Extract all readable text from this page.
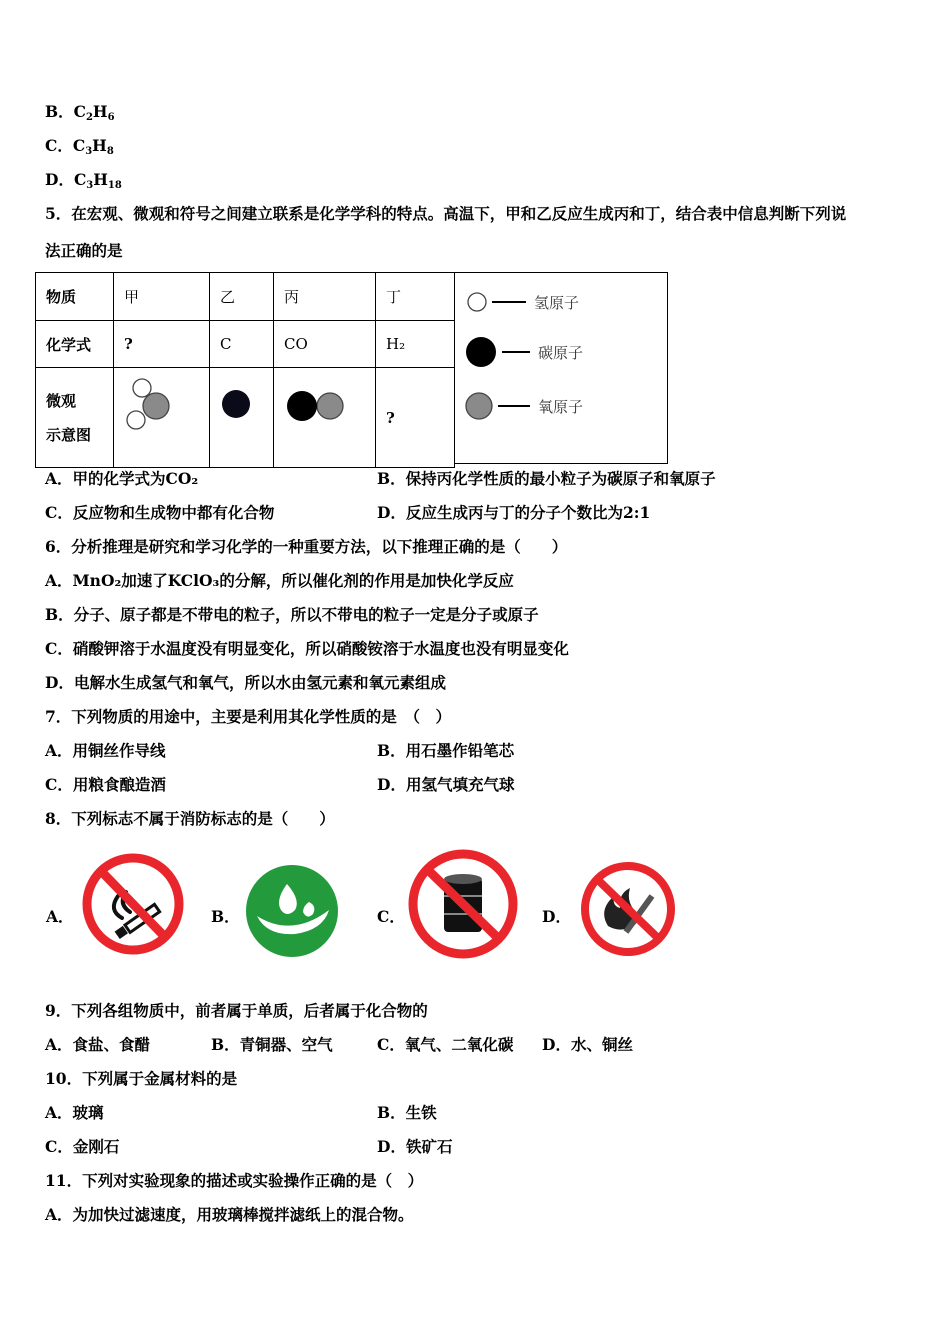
B．$C_2H_6$
C．$C_3H_8$
D．$C_3H_{18}$
5．在宏观、微观和符号之间建立联系是化学学科的特点。高温下，甲和乙反应生成丙和丁，结合表中信息判断下列说
法正确的是
物质	甲	乙	丙	丁
化学式	?	C	CO	H₂

微观
示意图				?
氢原子
碳原子
氧原子
A．甲的化学式为CO₂	B．保持丙化学性质的最小粒子为碳原子和氧原子
C．反应物和生成物中都有化合物	D．反应生成丙与丁的分子个数比为2:1
6．分析推理是研究和学习化学的一种重要方法，以下推理正确的是（　　）
A．MnO₂加速了KClO₃的分解，所以催化剂的作用是加快化学反应
B．分子、原子都是不带电的粒子，所以不带电的粒子一定是分子或原子
C．硝酸钾溶于水温度没有明显变化，所以硝酸铵溶于水温度也没有明显变化
D．电解水生成氢气和氧气，所以水由氢元素和氧元素组成
7．下列物质的用途中，主要是利用其化学性质的是　（　）
A．用铜丝作导线	B．用石墨作铅笔芯
C．用粮食酿造酒	D．用氢气填充气球
8．下列标志不属于消防标志的是（　　）
A．	B．	C．	D．
9．下列各组物质中，前者属于单质，后者属于化合物的
A．食盐、食醋	B．青铜器、空气	C．氧气、二氧化碳 D．水、铜丝
10．下列属于金属材料的是
A．玻璃	B．生铁
C．金刚石	D．铁矿石
11．下列对实验现象的描述或实验操作正确的是（　）
A．为加快过滤速度，用玻璃棒搅拌滤纸上的混合物。
